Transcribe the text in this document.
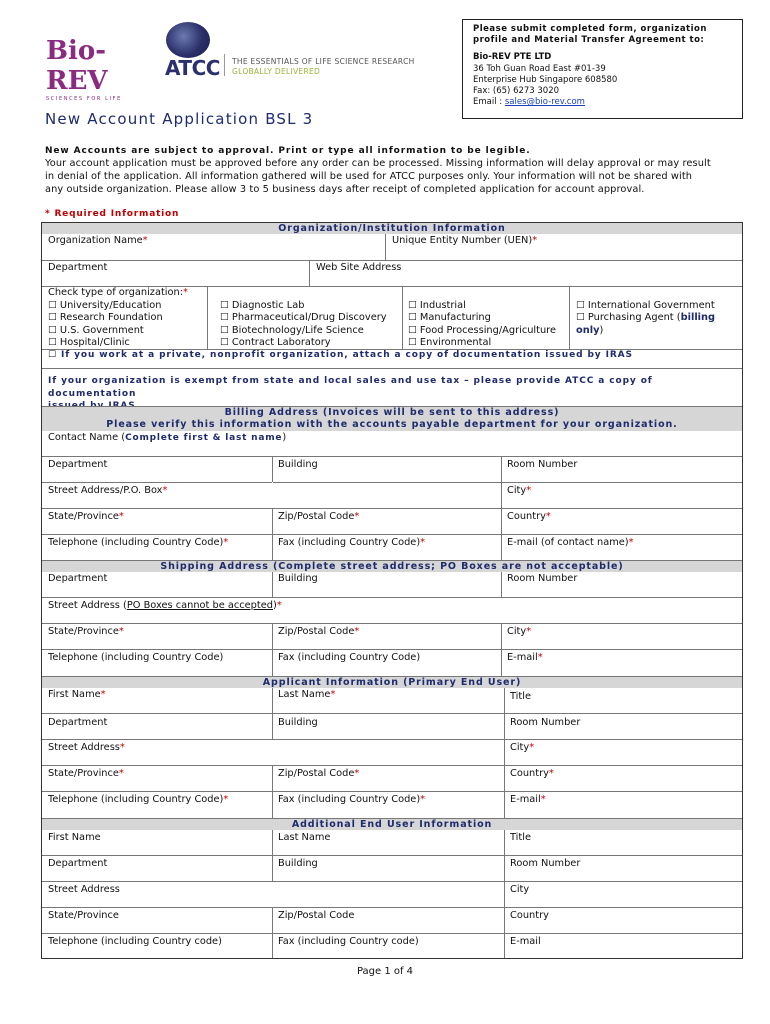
Bio-REV
SCIENCES FOR LIFE
ATCC THE ESSENTIALS OF LIFE SCIENCE RESEARCH
GLOBALLY DELIVERED
Please submit completed form, organization
profile and Material Transfer Agreement to:
Bio-REV PTE LTD
36 Toh Guan Road East #01-39
Enterprise Hub Singapore 608580
Fax: (65) 6273 3020
Email : sales@bio-rev.com
New Account Application BSL 3
New Accounts are subject to approval. Print or type all information to be legible.
Your account application must be approved before any order can be processed. Missing information will delay approval or may result
in denial of the application. All information gathered will be used for ATCC purposes only. Your information will not be shared with
any outside organization. Please allow 3 to 5 business days after receipt of completed application for account approval.
* Required Information
Organization/Institution Information
Organization Name*	Unique Entity Number (UEN)*
Department	Web Site Address
Check type of organization:*
☐ University/Education
☐ Research Foundation
☐ U.S. Government
☐ Hospital/Clinic
☐ Diagnostic Lab
☐ Pharmaceutical/Drug Discovery
☐ Biotechnology/Life Science
☐ Contract Laboratory
☐ Industrial
☐ Manufacturing
☐ Food Processing/Agriculture
☐ Environmental
☐ International Government
☐ Purchasing Agent (billing
only)
☐ If you work at a private, nonprofit organization, attach a copy of documentation issued by IRAS
If your organization is exempt from state and local sales and use tax – please provide ATCC a copy of documentation
Billing Address (Invoices will be sent to this address)
Please verify this information with the accounts payable department for your organization.
Contact Name (Complete first & last name)
Department	Building	Room Number
Street Address/P.O. Box*	City*
State/Province*	Zip/Postal Code*	Country*
Telephone (including Country Code)*	Fax (including Country Code)*	E-mail (of contact name)*
Shipping Address (Complete street address; PO Boxes are not acceptable)
Department	Building	Room Number
Street Address (PO Boxes cannot be accepted)*
State/Province*	Zip/Postal Code*	City*
Telephone (including Country Code)	Fax (including Country Code)	E-mail*
Applicant Information (Primary End User)
First Name*	Last Name*	Title
Department	Building	Room Number
Street Address*	City*
State/Province*	Zip/Postal Code*	Country*
Telephone (including Country Code)*	Fax (including Country Code)*	E-mail*
Additional End User Information
First Name	Last Name	Title
Department	Building	Room Number
Street Address	City
State/Province	Zip/Postal Code	Country
Telephone (including Country code)	Fax (including Country code)	E-mail
Page 1 of 4
